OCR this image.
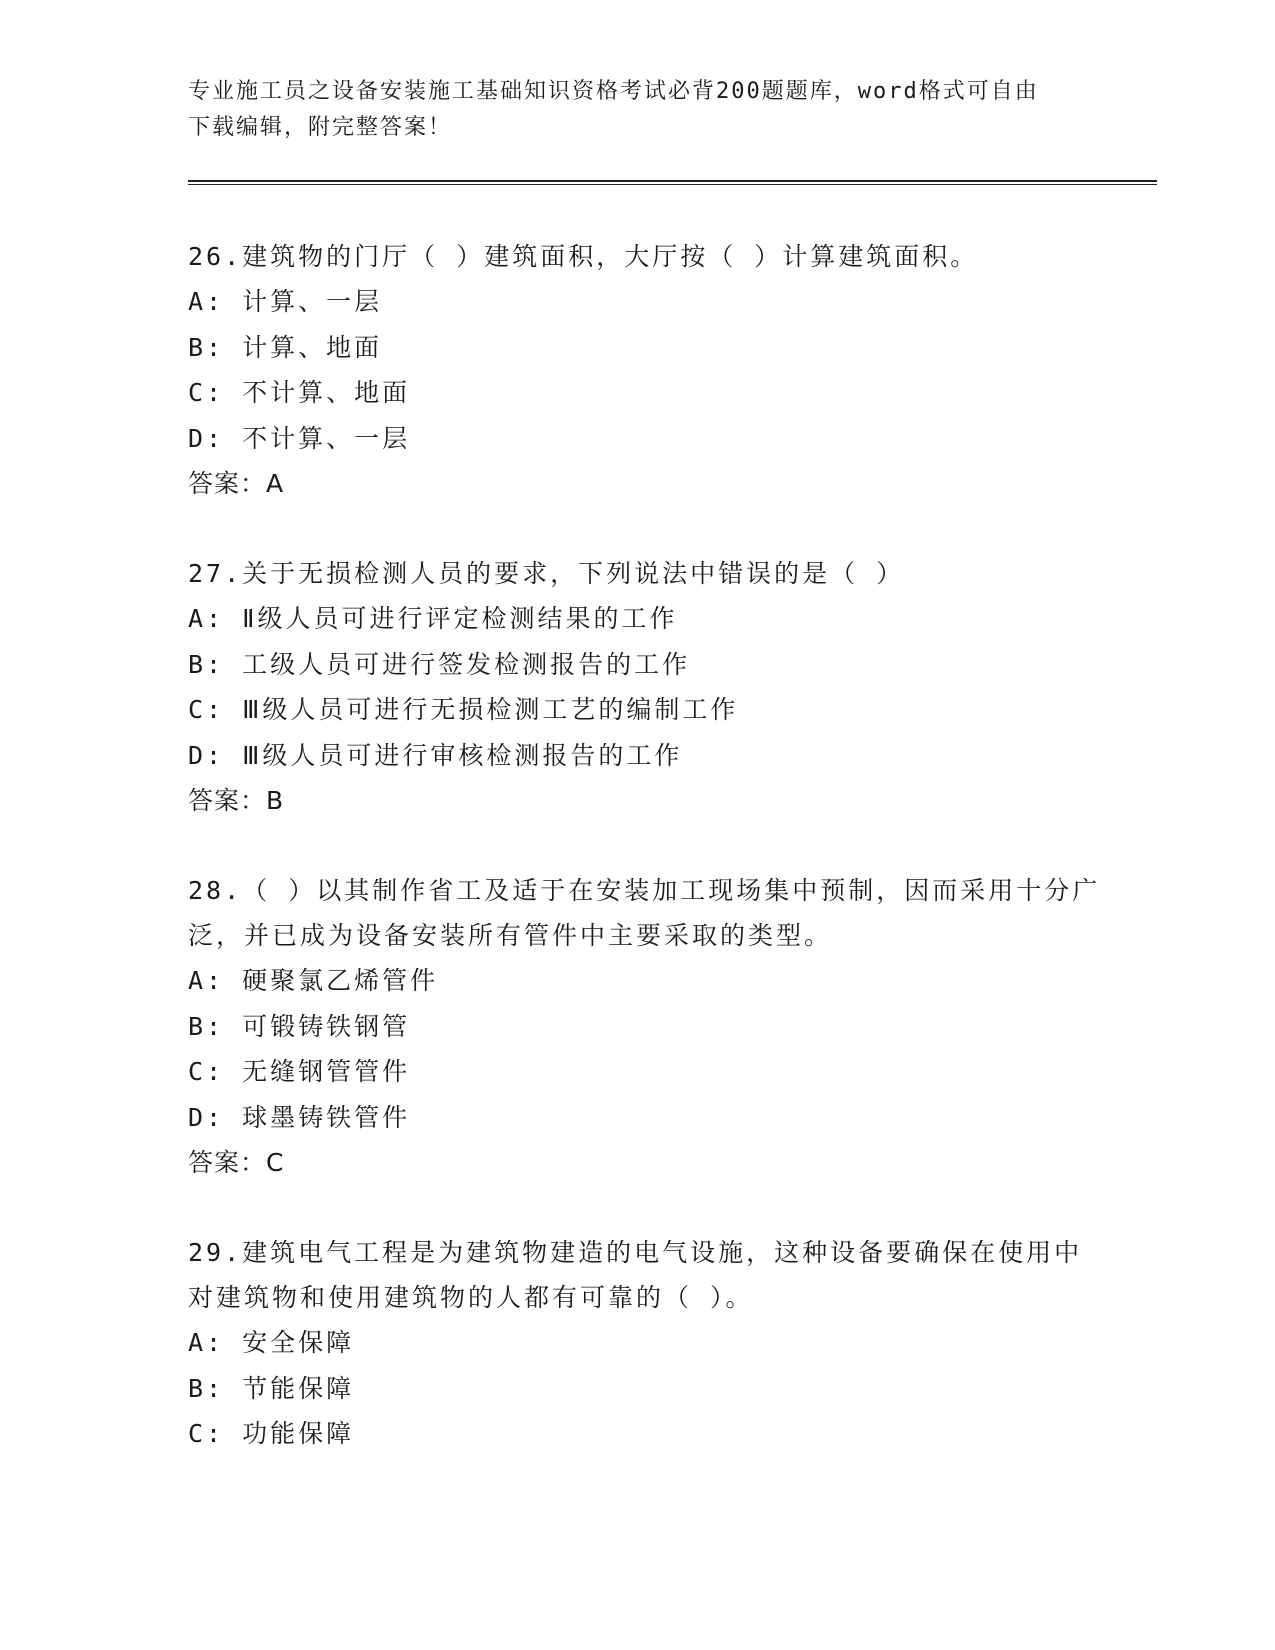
专业施工员之设备安装施工基础知识资格考试必背200题题库，word格式可自由
下载编辑，附完整答案！
26.建筑物的门厅（ ）建筑面积，大厅按（ ）计算建筑面积。
A: 计算、一层
B: 计算、地面
C: 不计算、地面
D: 不计算、一层
答案：A
27.关于无损检测人员的要求，下列说法中错误的是（ ）
A: Ⅱ级人员可进行评定检测结果的工作
B: 工级人员可进行签发检测报告的工作
C: Ⅲ级人员可进行无损检测工艺的编制工作
D: Ⅲ级人员可进行审核检测报告的工作
答案：B
28.（ ）以其制作省工及适于在安装加工现场集中预制，因而采用十分广泛，并已成为设备安装所有管件中主要采取的类型。
A: 硬聚氯乙烯管件
B: 可锻铸铁钢管
C: 无缝钢管管件
D: 球墨铸铁管件
答案：C
29.建筑电气工程是为建筑物建造的电气设施，这种设备要确保在使用中对建筑物和使用建筑物的人都有可靠的（ ）。
A: 安全保障
B: 节能保障
C: 功能保障
